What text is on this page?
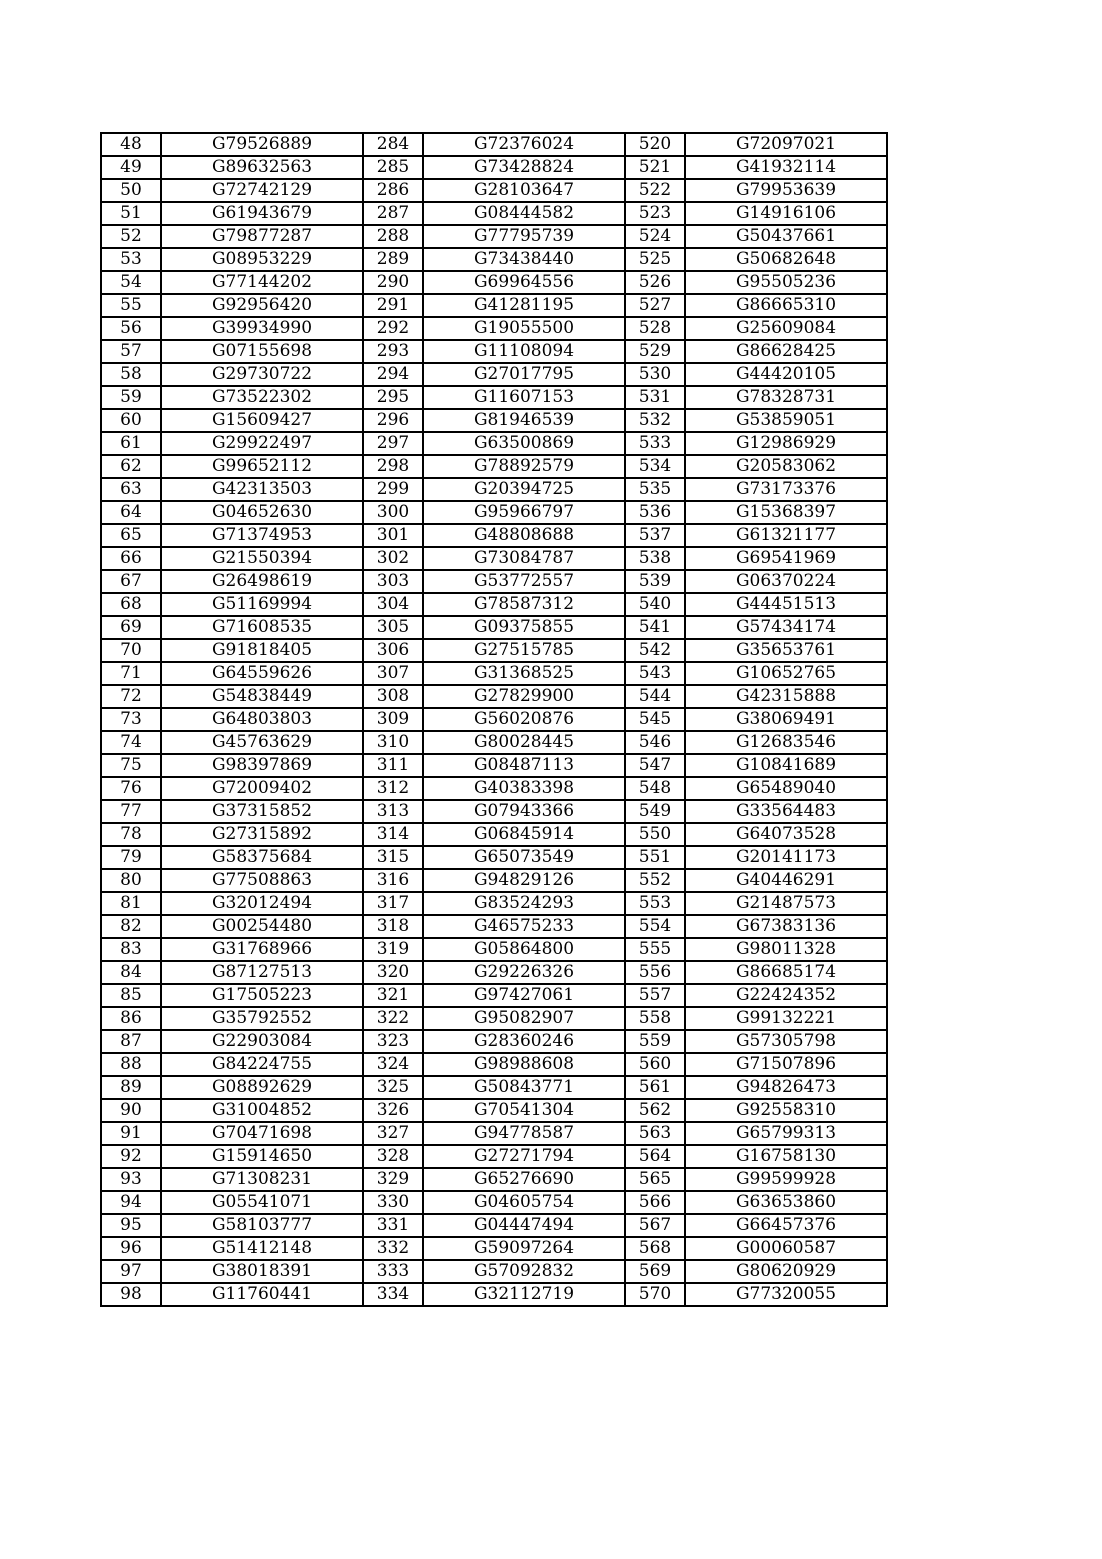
48	G79526889	284	G72376024	520	G72097021
49	G89632563	285	G73428824	521	G41932114
50	G72742129	286	G28103647	522	G79953639
51	G61943679	287	G08444582	523	G14916106
52	G79877287	288	G77795739	524	G50437661
53	G08953229	289	G73438440	525	G50682648
54	G77144202	290	G69964556	526	G95505236
55	G92956420	291	G41281195	527	G86665310
56	G39934990	292	G19055500	528	G25609084
57	G07155698	293	G11108094	529	G86628425
58	G29730722	294	G27017795	530	G44420105
59	G73522302	295	G11607153	531	G78328731
60	G15609427	296	G81946539	532	G53859051
61	G29922497	297	G63500869	533	G12986929
62	G99652112	298	G78892579	534	G20583062
63	G42313503	299	G20394725	535	G73173376
64	G04652630	300	G95966797	536	G15368397
65	G71374953	301	G48808688	537	G61321177
66	G21550394	302	G73084787	538	G69541969
67	G26498619	303	G53772557	539	G06370224
68	G51169994	304	G78587312	540	G44451513
69	G71608535	305	G09375855	541	G57434174
70	G91818405	306	G27515785	542	G35653761
71	G64559626	307	G31368525	543	G10652765
72	G54838449	308	G27829900	544	G42315888
73	G64803803	309	G56020876	545	G38069491
74	G45763629	310	G80028445	546	G12683546
75	G98397869	311	G08487113	547	G10841689
76	G72009402	312	G40383398	548	G65489040
77	G37315852	313	G07943366	549	G33564483
78	G27315892	314	G06845914	550	G64073528
79	G58375684	315	G65073549	551	G20141173
80	G77508863	316	G94829126	552	G40446291
81	G32012494	317	G83524293	553	G21487573
82	G00254480	318	G46575233	554	G67383136
83	G31768966	319	G05864800	555	G98011328
84	G87127513	320	G29226326	556	G86685174
85	G17505223	321	G97427061	557	G22424352
86	G35792552	322	G95082907	558	G99132221
87	G22903084	323	G28360246	559	G57305798
88	G84224755	324	G98988608	560	G71507896
89	G08892629	325	G50843771	561	G94826473
90	G31004852	326	G70541304	562	G92558310
91	G70471698	327	G94778587	563	G65799313
92	G15914650	328	G27271794	564	G16758130
93	G71308231	329	G65276690	565	G99599928
94	G05541071	330	G04605754	566	G63653860
95	G58103777	331	G04447494	567	G66457376
96	G51412148	332	G59097264	568	G00060587
97	G38018391	333	G57092832	569	G80620929
98	G11760441	334	G32112719	570	G77320055
